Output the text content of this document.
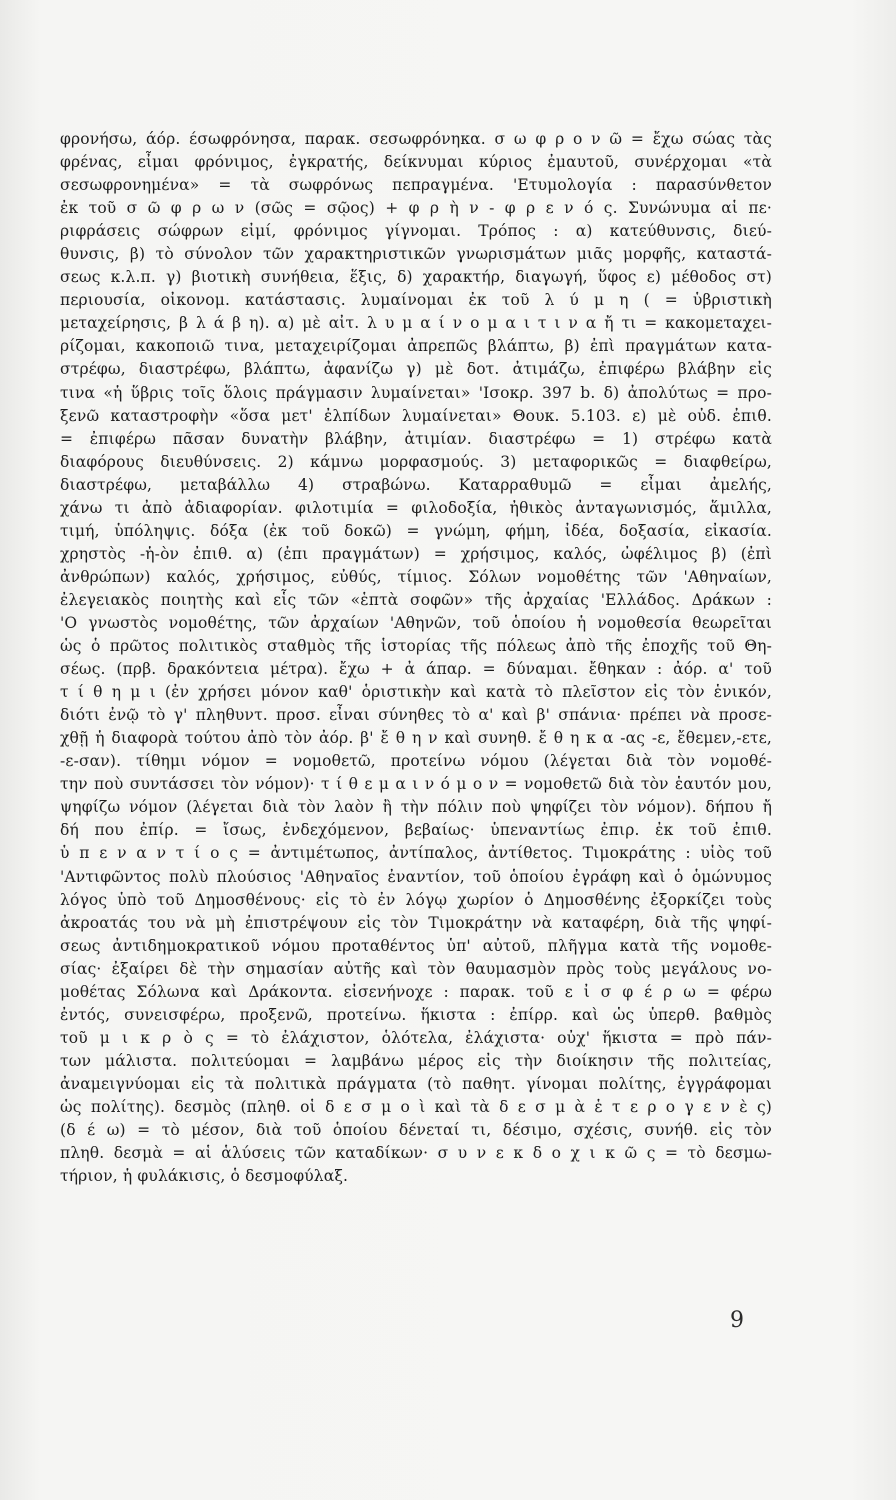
φρονήσω, άόρ. έσωφρόνησα, παρακ. σεσωφρόνηκα. σ ω φ ρ ο ν ῶ = ἔχω σώας τὰς
φρένας, εἶμαι φρόνιμος, ἐγκρατής, δείκνυμαι κύριος ἐμαυτοῦ, συνέρχομαι «τὰ
σεσωφρονημένα» = τὰ σωφρόνως πεπραγμένα. 'Ετυμολογία : παρασύνθετον
ἐκ τοῦ σ ῶ φ ρ ω ν (σῶς = σῷος) + φ ρ ὴ ν - φ ρ ε ν ό ς. Συνώνυμα αἱ πε·
ριφράσεις σώφρων εἰμί, φρόνιμος γίγνομαι. Τρόπος : α) κατεύθυνσις, διεύ-
θυνσις, β) τὸ σύνολον τῶν χαρακτηριστικῶν γνωρισμάτων μιᾶς μορφῆς, καταστά-
σεως κ.λ.π. γ) βιοτικὴ συνήθεια, ἕξις, δ) χαρακτήρ, διαγωγή, ὕφος ε) μέθοδος στ)
περιουσία, οἰκονομ. κατάστασις. λυμαίνομαι ἐκ τοῦ λ ύ μ η ( = ὑβριστικὴ
μεταχείρησις, β λ ά β η). α) μὲ αἰτ. λ υ μ α ί ν ο μ α ι τ ι ν α ἤ τι = κακομεταχει-
ρίζομαι, κακοποιῶ τινα, μεταχειρίζομαι ἀπρεπῶς βλάπτω, β) ἐπὶ πραγμάτων κατα-
στρέφω, διαστρέφω, βλάπτω, ἀφανίζω γ) μὲ δοτ. ἀτιμάζω, ἐπιφέρω βλάβην εἰς
τινα «ἡ ὕβρις τοῖς ὅλοις πράγμασιν λυμαίνεται» 'Ισοκρ. 397 b. δ) ἀπολύτως = προ-
ξενῶ καταστροφὴν «ὅσα μετ' ἐλπίδων λυμαίνεται» Θουκ. 5.103. ε) μὲ οὐδ. ἐπιθ.
= ἐπιφέρω πᾶσαν δυνατὴν βλάβην, ἀτιμίαν. διαστρέφω = 1) στρέφω κατὰ
διαφόρους διευθύνσεις. 2) κάμνω μορφασμούς. 3) μεταφορικῶς = διαφθείρω,
διαστρέφω, μεταβάλλω 4) στραβώνω. Καταρραθυμῶ = εἶμαι ἀμελής,
χάνω τι ἀπὸ ἀδιαφορίαν. φιλοτιμία = φιλοδοξία, ἠθικὸς ἀνταγωνισμός, ἅμιλλα,
τιμή, ὑπόληψις. δόξα (ἐκ τοῦ δοκῶ) = γνώμη, φήμη, ἰδέα, δοξασία, εἰκασία.
χρηστὸς -ἡ-ὸν ἐπιθ. α) (ἐπι πραγμάτων) = χρήσιμος, καλός, ὠφέλιμος β) (ἐπὶ
ἀνθρώπων) καλός, χρήσιμος, εὐθύς, τίμιος. Σόλων νομοθέτης τῶν 'Αθηναίων,
ἐλεγειακὸς ποιητὴς καὶ εἷς τῶν «ἑπτὰ σοφῶν» τῆς ἀρχαίας 'Ελλάδος. Δράκων :
'Ο γνωστὸς νομοθέτης, τῶν ἀρχαίων 'Αθηνῶν, τοῦ ὁποίου ἡ νομοθεσία θεωρεῖται
ὡς ὁ πρῶτος πολιτικὸς σταθμὸς τῆς ἱστορίας τῆς πόλεως ἀπὸ τῆς ἐποχῆς τοῦ Θη-
σέως. (πρβ. δρακόντεια μέτρα). ἔχω + ἀ άπαρ. = δύναμαι. ἔθηκαν : ἀόρ. α' τοῦ
τ ί θ η μ ι (ἐν χρήσει μόνον καθ' ὁριστικὴν καὶ κατὰ τὸ πλεῖστον εἰς τὸν ἑνικόν,
διότι ἐνῷ τὸ γ' πληθυντ. προσ. εἶναι σύνηθες τὸ α' καὶ β' σπάνια· πρέπει νὰ προσε-
χθῇ ἡ διαφορὰ τούτου ἀπὸ τὸν ἀόρ. β' ἔ θ η ν καὶ συνηθ. ἔ θ η κ α -ας -ε, ἔθεμεν,-ετε,
-ε-σαν). τίθημι νόμον = νομοθετῶ, προτείνω νόμου (λέγεται διὰ τὸν νομοθέ-
την ποὺ συντάσσει τὸν νόμον)· τ ί θ ε μ α ι ν ό μ ο ν = νομοθετῶ διὰ τὸν ἑαυτόν μου,
ψηφίζω νόμον (λέγεται διὰ τὸν λαὸν ἢ τὴν πόλιν ποὺ ψηφίζει τὸν νόμον). δήπου ἤ
δή που ἐπίρ. = ἴσως, ἐνδεχόμενον, βεβαίως· ὑπεναντίως ἐπιρ. ἐκ τοῦ ἐπιθ.
ὑ π ε ν α ν τ ί ο ς = ἀντιμέτωπος, ἀντίπαλος, ἀντίθετος. Τιμοκράτης : υἱὸς τοῦ
'Αντιφῶντος πολὺ πλούσιος 'Αθηναῖος ἐναντίον, τοῦ ὁποίου ἐγράφη καὶ ὁ ὁμώνυμος
λόγος ὑπὸ τοῦ Δημοσθένους· εἰς τὸ ἐν λόγῳ χωρίον ὁ Δημοσθένης ἐξορκίζει τοὺς
ἀκροατάς του νὰ μὴ ἐπιστρέψουν εἰς τὸν Τιμοκράτην νὰ καταφέρη, διὰ τῆς ψηφί-
σεως ἀντιδημοκρατικοῦ νόμου προταθέντος ὑπ' αὐτοῦ, πλῆγμα κατὰ τῆς νομοθε-
σίας· ἐξαίρει δὲ τὴν σημασίαν αὐτῆς καὶ τὸν θαυμασμὸν πρὸς τοὺς μεγάλους νο-
μοθέτας Σόλωνα καὶ Δράκοντα. εἰσενήνοχε : παρακ. τοῦ ε ἰ σ φ έ ρ ω = φέρω
ἐντός, συνεισφέρω, προξενῶ, προτείνω. ἥκιστα : ἐπίρρ. καὶ ὡς ὑπερθ. βαθμὸς
τοῦ μ ι κ ρ ὸ ς = τὸ ἐλάχιστον, ὁλότελα, ἐλάχιστα· οὐχ' ἥκιστα = πρὸ πάν-
των μάλιστα. πολιτεύομαι = λαμβάνω μέρος εἰς τὴν διοίκησιν τῆς πολιτείας,
ἀναμειγνύομαι εἰς τὰ πολιτικὰ πράγματα (τὸ παθητ. γίνομαι πολίτης, ἐγγράφομαι
ὡς πολίτης). δεσμὸς (πληθ. οἱ δ ε σ μ ο ὶ καὶ τὰ δ ε σ μ ὰ ἑ τ ε ρ ο γ ε ν ὲ ς)
(δ έ ω) = τὸ μέσον, διὰ τοῦ ὁποίου δένεταί τι, δέσιμο, σχέσις, συνήθ. εἰς τὸν
πληθ. δεσμὰ = αἱ ἁλύσεις τῶν καταδίκων· σ υ ν ε κ δ ο χ ι κ ῶ ς = τὸ δεσμω-
τήριον, ἡ φυλάκισις, ὁ δεσμοφύλαξ.
9
